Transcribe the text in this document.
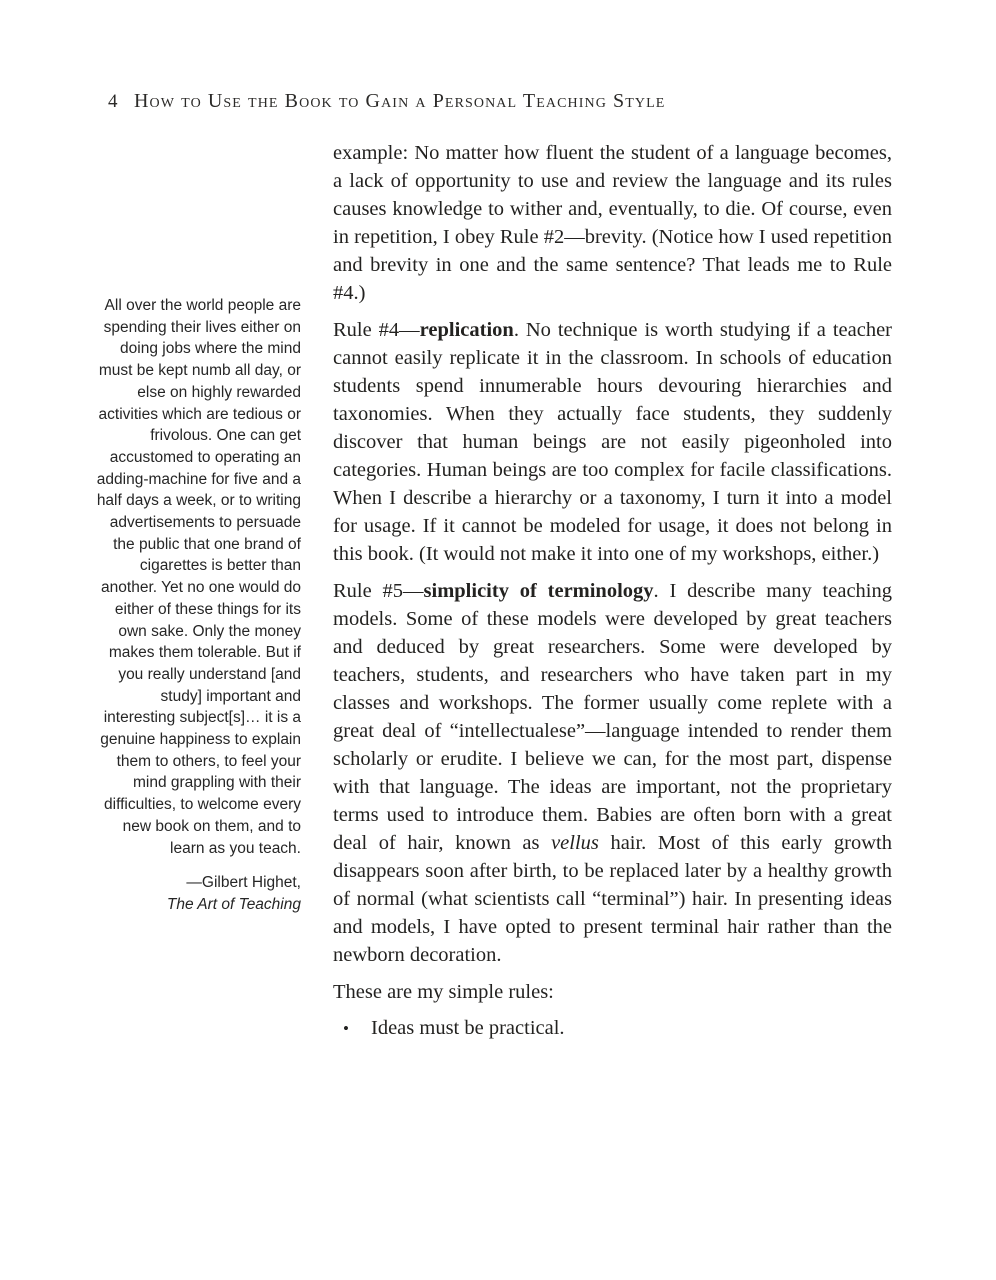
4 How to Use the Book to Gain a Personal Teaching Style

All over the world people are spending their lives either on doing jobs where the mind must be kept numb all day, or else on highly rewarded activities which are tedious or frivolous. One can get accustomed to operating an adding-machine for five and a half days a week, or to writing advertisements to persuade the public that one brand of cigarettes is better than another. Yet no one would do either of these things for its own sake. Only the money makes them tolerable. But if you really understand [and study] important and interesting subject[s]… it is a genuine happiness to explain them to others, to feel your mind grappling with their difficulties, to welcome every new book on them, and to learn as you teach.

—Gilbert Highet,
The Art of Teaching

example: No matter how fluent the student of a language becomes, a lack of opportunity to use and review the language and its rules causes knowledge to wither and, eventually, to die. Of course, even in repetition, I obey Rule #2—brevity. (Notice how I used repetition and brevity in one and the same sentence? That leads me to Rule #4.)

Rule #4—replication. No technique is worth studying if a teacher cannot easily replicate it in the classroom. In schools of education students spend innumerable hours devouring hierarchies and taxonomies. When they actually face students, they suddenly discover that human beings are not easily pigeonholed into categories. Human beings are too complex for facile classifications. When I describe a hierarchy or a taxonomy, I turn it into a model for usage. If it cannot be modeled for usage, it does not belong in this book. (It would not make it into one of my workshops, either.)

Rule #5—simplicity of terminology. I describe many teaching models. Some of these models were developed by great teachers and deduced by great researchers. Some were developed by teachers, students, and researchers who have taken part in my classes and workshops. The former usually come replete with a great deal of “intellectualese”—language intended to render them scholarly or erudite. I believe we can, for the most part, dispense with that language. The ideas are important, not the proprietary terms used to introduce them. Babies are often born with a great deal of hair, known as vellus hair. Most of this early growth disappears soon after birth, to be replaced later by a healthy growth of normal (what scientists call “terminal”) hair. In presenting ideas and models, I have opted to present terminal hair rather than the newborn decoration.

These are my simple rules:

•	Ideas must be practical.
